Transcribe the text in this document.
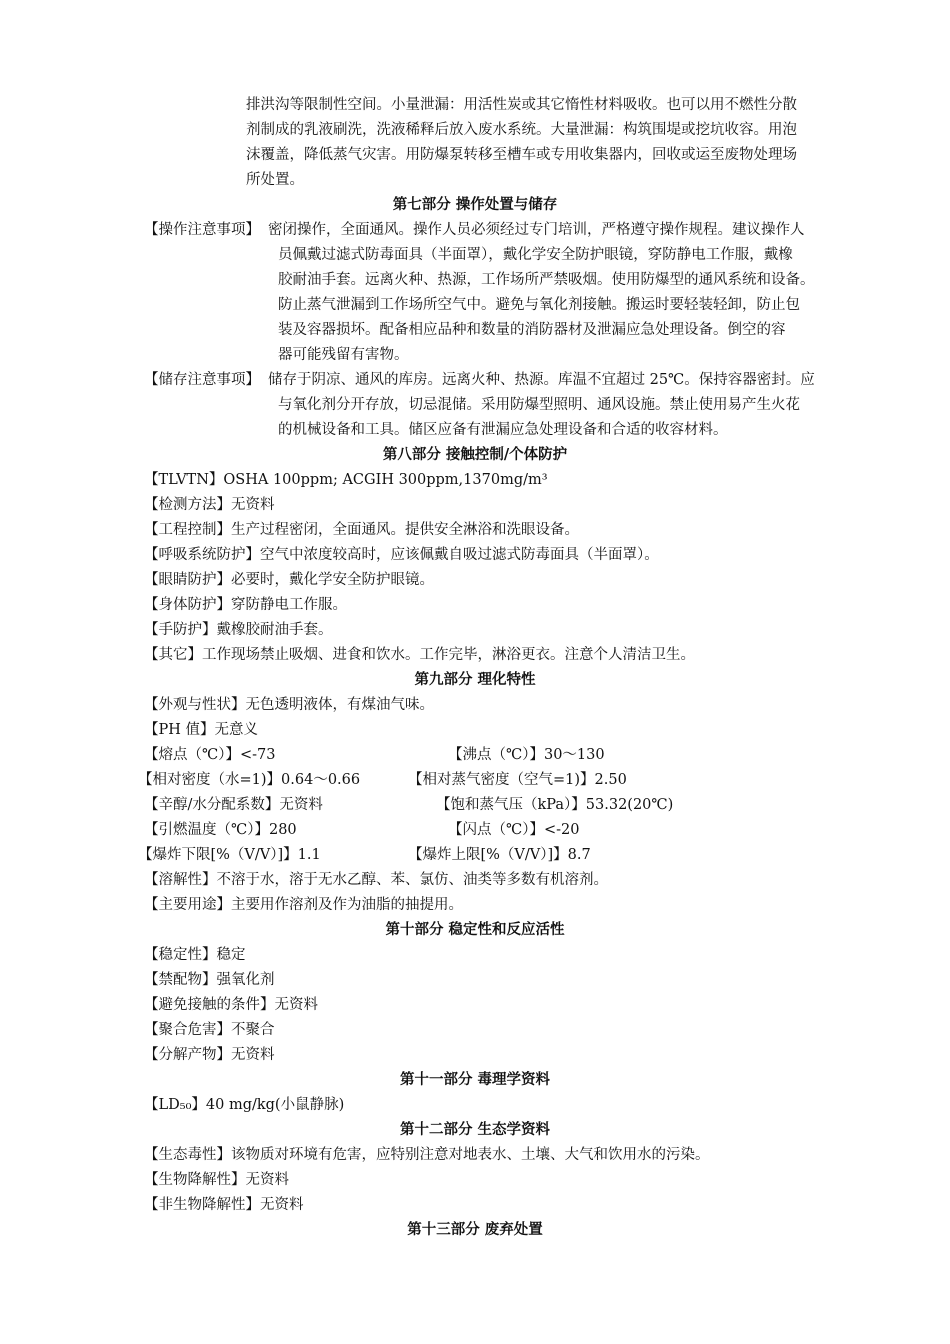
排洪沟等限制性空间。小量泄漏：用活性炭或其它惰性材料吸收。也可以用不燃性分散
剂制成的乳液刷洗，洗液稀释后放入废水系统。大量泄漏：构筑围堤或挖坑收容。用泡
沫覆盖，降低蒸气灾害。用防爆泵转移至槽车或专用收集器内，回收或运至废物处理场
所处置。
第七部分 操作处置与储存
【操作注意事项】 密闭操作，全面通风。操作人员必须经过专门培训，严格遵守操作规程。建议操作人
员佩戴过滤式防毒面具（半面罩），戴化学安全防护眼镜，穿防静电工作服，戴橡
胶耐油手套。远离火种、热源，工作场所严禁吸烟。使用防爆型的通风系统和设备。
防止蒸气泄漏到工作场所空气中。避免与氧化剂接触。搬运时要轻装轻卸，防止包
装及容器损坏。配备相应品种和数量的消防器材及泄漏应急处理设备。倒空的容
器可能残留有害物。
【储存注意事项】 储存于阴凉、通风的库房。远离火种、热源。库温不宜超过 25℃。保持容器密封。应
与氧化剂分开存放，切忌混储。采用防爆型照明、通风设施。禁止使用易产生火花
的机械设备和工具。储区应备有泄漏应急处理设备和合适的收容材料。
第八部分 接触控制/个体防护
【TLVTN】OSHA 100ppm; ACGIH 300ppm,1370mg/m³
【检测方法】无资料
【工程控制】生产过程密闭，全面通风。提供安全淋浴和洗眼设备。
【呼吸系统防护】空气中浓度较高时，应该佩戴自吸过滤式防毒面具（半面罩）。
【眼睛防护】必要时，戴化学安全防护眼镜。
【身体防护】穿防静电工作服。
【手防护】戴橡胶耐油手套。
【其它】工作现场禁止吸烟、进食和饮水。工作完毕，淋浴更衣。注意个人清洁卫生。
第九部分 理化特性
【外观与性状】无色透明液体，有煤油气味。
【PH 值】无意义
【熔点（℃）】<-73	【沸点（℃）】30～130
【相对密度（水=1)】0.64～0.66	【相对蒸气密度（空气=1)】2.50
【辛醇/水分配系数】无资料	【饱和蒸气压（kPa）】53.32(20℃)
【引燃温度（℃）】280	【闪点（℃）】<-20
【爆炸下限[%（V/V）]】1.1	【爆炸上限[%（V/V）]】8.7
【溶解性】不溶于水，溶于无水乙醇、苯、氯仿、油类等多数有机溶剂。
【主要用途】主要用作溶剂及作为油脂的抽提用。
第十部分 稳定性和反应活性
【稳定性】稳定
【禁配物】强氧化剂
【避免接触的条件】无资料
【聚合危害】不聚合
【分解产物】无资料
第十一部分 毒理学资料
【LD₅₀】40 mg/kg(小鼠静脉)
第十二部分 生态学资料
【生态毒性】该物质对环境有危害，应特别注意对地表水、土壤、大气和饮用水的污染。
【生物降解性】无资料
【非生物降解性】无资料
第十三部分 废弃处置
